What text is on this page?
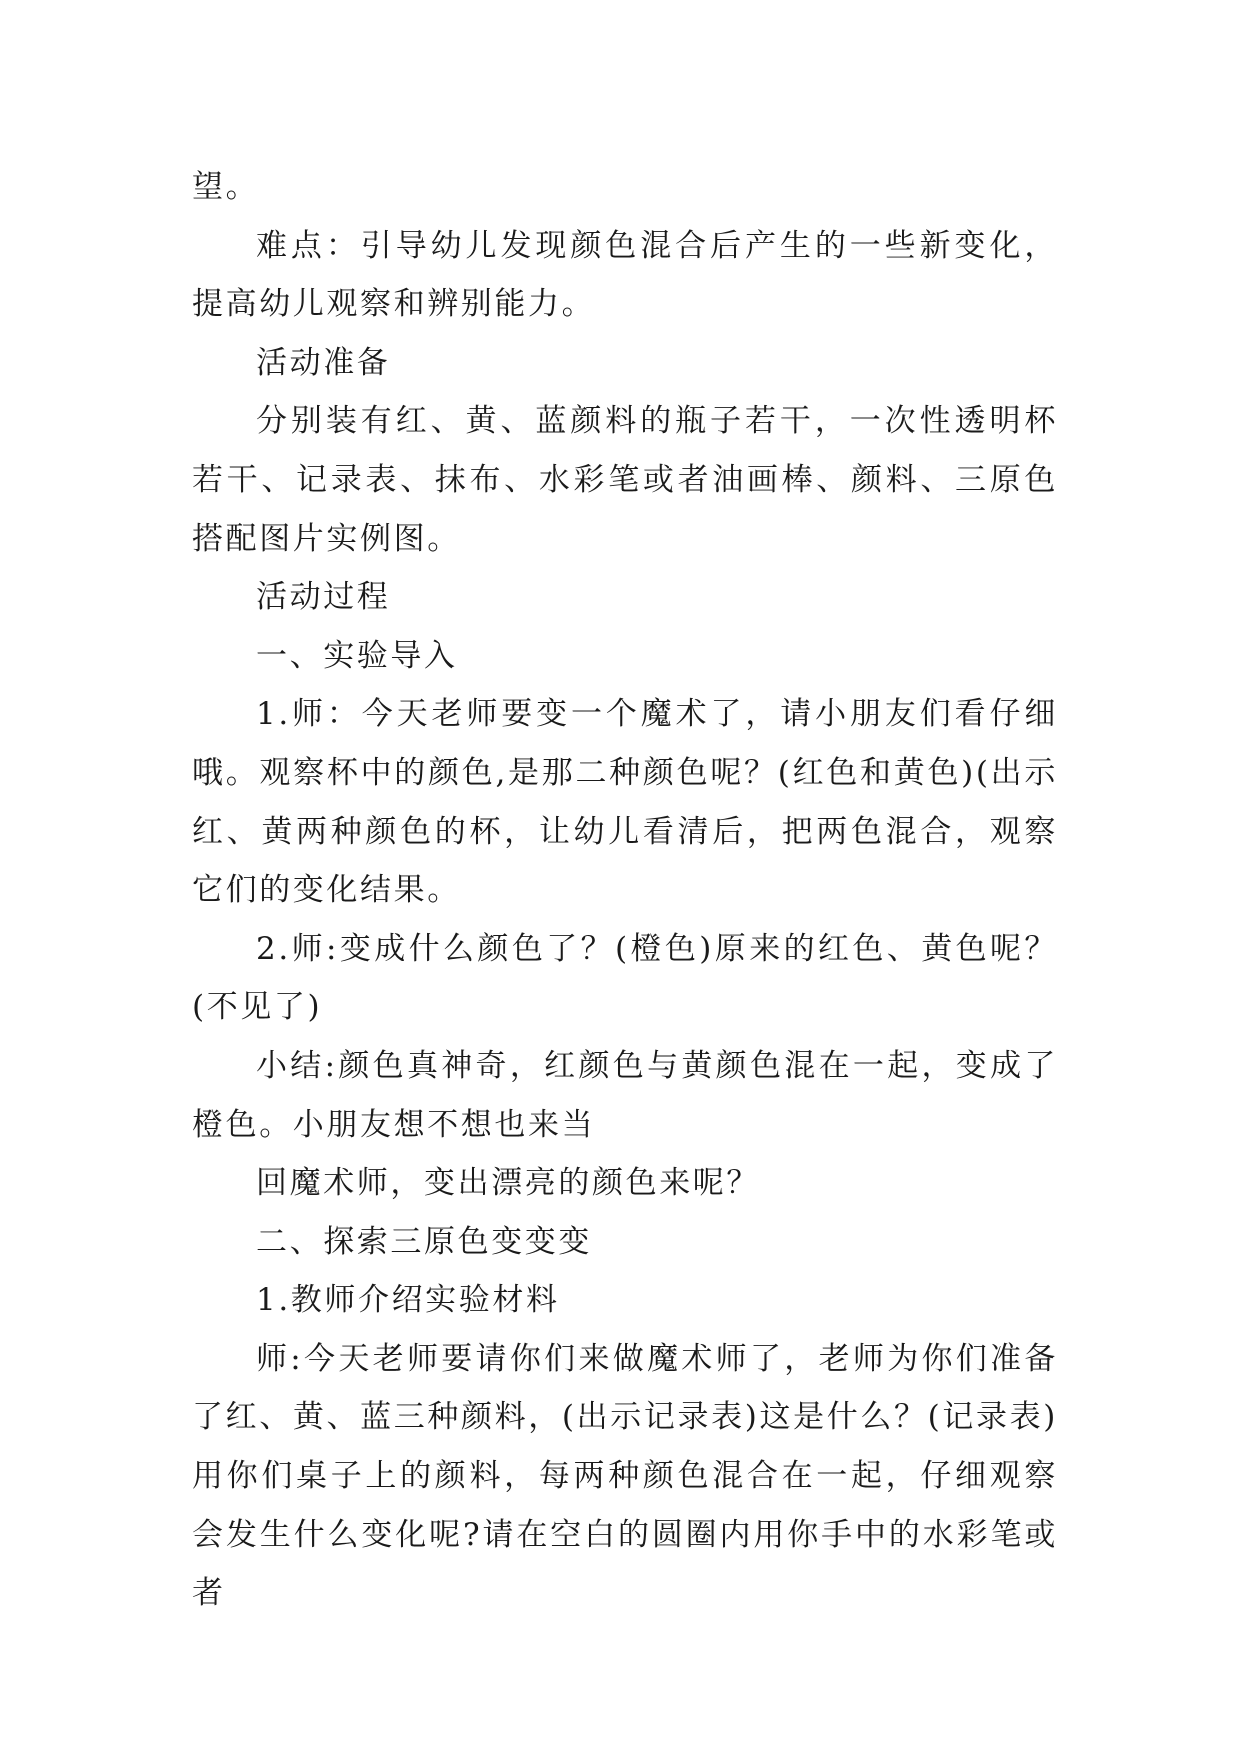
望。

难点：引导幼儿发现颜色混合后产生的一些新变化，提高幼儿观察和辨别能力。

活动准备

分别装有红、黄、蓝颜料的瓶子若干，一次性透明杯若干、记录表、抹布、水彩笔或者油画棒、颜料、三原色搭配图片实例图。

活动过程

一、实验导入

1.师：今天老师要变一个魔术了，请小朋友们看仔细哦。观察杯中的颜色,是那二种颜色呢？(红色和黄色)(出示红、黄两种颜色的杯，让幼儿看清后，把两色混合，观察它们的变化结果。

2.师:变成什么颜色了？(橙色)原来的红色、黄色呢？(不见了)

小结:颜色真神奇，红颜色与黄颜色混在一起，变成了橙色。小朋友想不想也来当

回魔术师，变出漂亮的颜色来呢？

二、探索三原色变变变

1.教师介绍实验材料

师:今天老师要请你们来做魔术师了，老师为你们准备了红、黄、蓝三种颜料，(出示记录表)这是什么？(记录表)用你们桌子上的颜料，每两种颜色混合在一起，仔细观察会发生什么变化呢?请在空白的圆圈内用你手中的水彩笔或者
